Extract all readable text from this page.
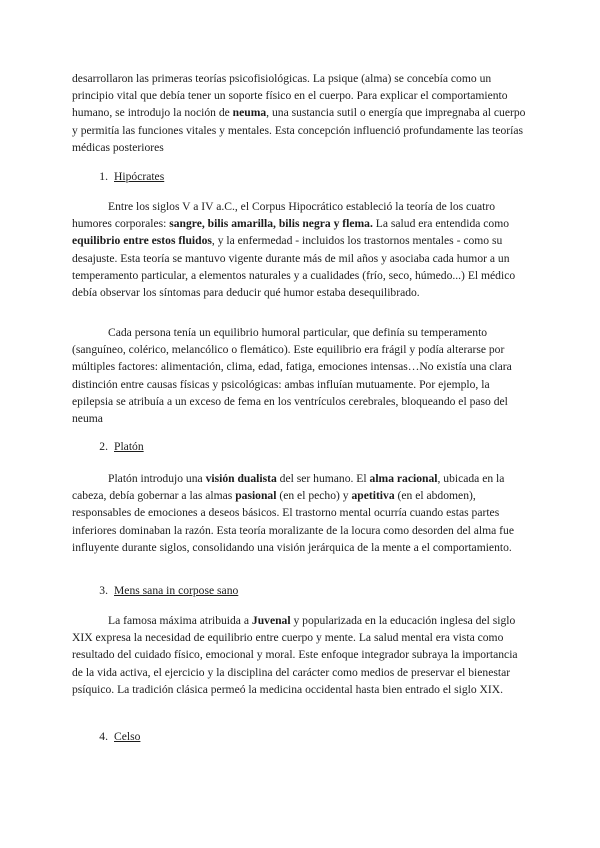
desarrollaron las primeras teorías psicofisiológicas. La psique (alma) se concebía como un principio vital que debía tener un soporte físico en el cuerpo. Para explicar el comportamiento humano, se introdujo la noción de neuma, una sustancia sutil o energía que impregnaba al cuerpo y permitía las funciones vitales y mentales. Esta concepción influenció profundamente las teorías médicas posteriores

1. Hipócrates

Entre los siglos V a IV a.C., el Corpus Hipocrático estableció la teoría de los cuatro humores corporales: sangre, bilis amarilla, bilis negra y flema. La salud era entendida como equilibrio entre estos fluidos, y la enfermedad - incluidos los trastornos mentales - como su desajuste. Esta teoría se mantuvo vigente durante más de mil años y asociaba cada humor a un temperamento particular, a elementos naturales y a cualidades (frío, seco, húmedo...) El médico debía observar los síntomas para deducir qué humor estaba desequilibrado.

Cada persona tenía un equilibrio humoral particular, que definía su temperamento (sanguíneo, colérico, melancólico o flemático). Este equilibrio era frágil y podía alterarse por múltiples factores: alimentación, clima, edad, fatiga, emociones intensas…No existía una clara distinción entre causas físicas y psicológicas: ambas influían mutuamente. Por ejemplo, la epilepsia se atribuía a un exceso de fema en los ventrículos cerebrales, bloqueando el paso del neuma

2. Platón

Platón introdujo una visión dualista del ser humano. El alma racional, ubicada en la cabeza, debía gobernar a las almas pasional (en el pecho) y apetitiva (en el abdomen), responsables de emociones a deseos básicos. El trastorno mental ocurría cuando estas partes inferiores dominaban la razón. Esta teoría moralizante de la locura como desorden del alma fue influyente durante siglos, consolidando una visión jerárquica de la mente a el comportamiento.

3. Mens sana in corpose sano

La famosa máxima atribuida a Juvenal y popularizada en la educación inglesa del siglo XIX expresa la necesidad de equilibrio entre cuerpo y mente. La salud mental era vista como resultado del cuidado físico, emocional y moral. Este enfoque integrador subraya la importancia de la vida activa, el ejercicio y la disciplina del carácter como medios de preservar el bienestar psíquico. La tradición clásica permeó la medicina occidental hasta bien entrado el siglo XIX.

4. Celso
